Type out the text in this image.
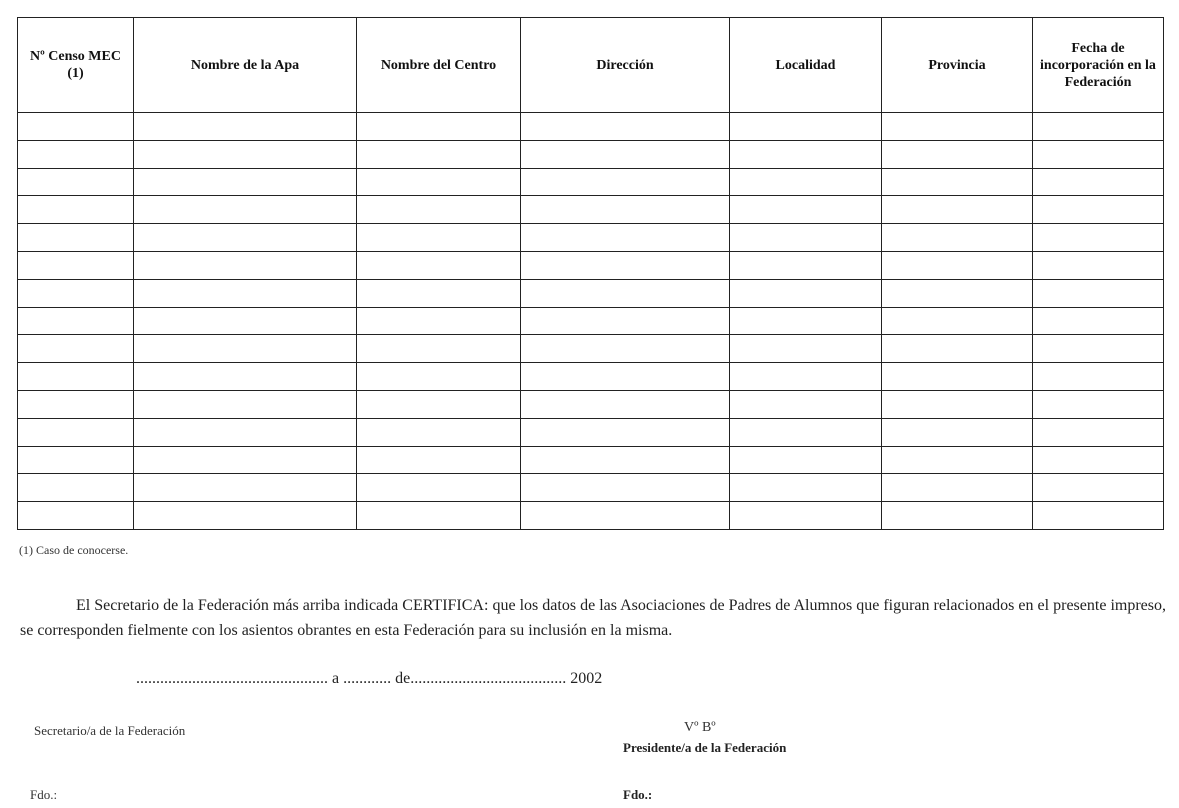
Nº Censo MEC (1)	Nombre de la Apa	Nombre del Centro	Dirección	Localidad	Provincia	Fecha de incorporación en la Federación

(1) Caso de conocerse.
El Secretario de la Federación más arriba indicada CERTIFICA: que los datos de las Asociaciones de Padres de Alumnos que figuran relacionados en el presente impreso, se corresponden fielmente con los asientos obrantes en esta Federación para su inclusión en la misma.
................................................ a ............ de....................................... 2002
Secretario/a de la Federación	Vº Bº
Presidente/a de la Federación
Fdo.:	Fdo.:
